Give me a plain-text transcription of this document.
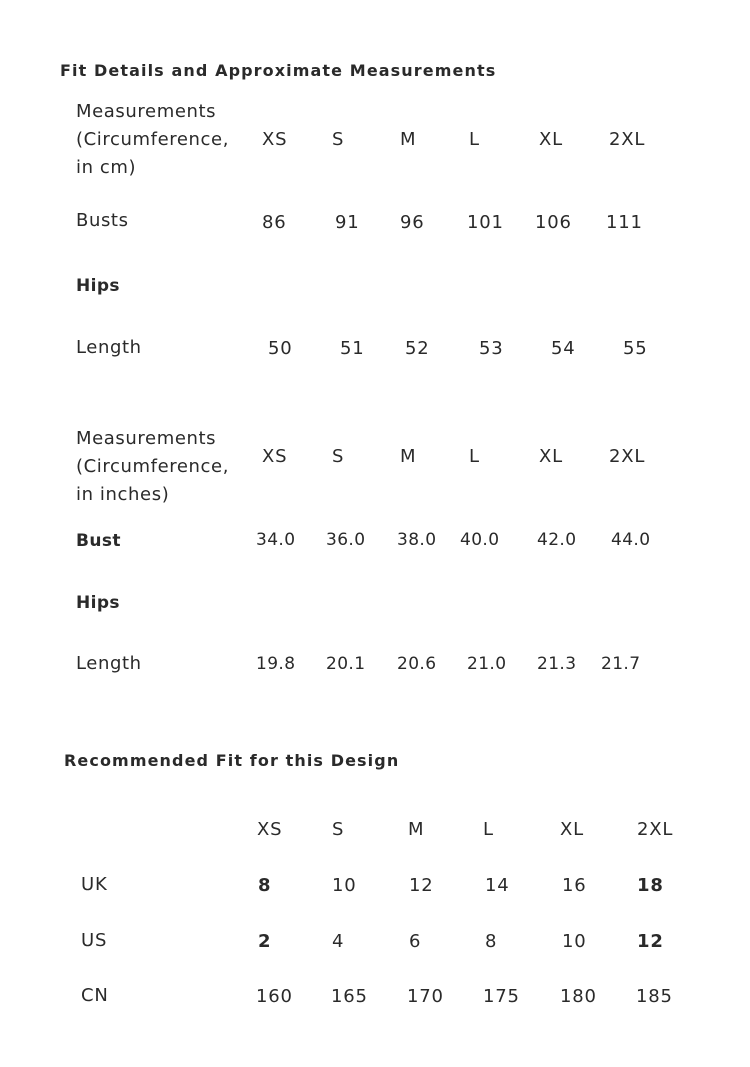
Fit Details and Approximate Measurements
Measurements
(Circumference,
in cm)
XS S	M	L	XL	2XL
Busts	86	91 96 101 106 111
Hips
Length	50	51 52	53	54	55
Measurements
(Circumference,
in inches)
XS S	M	L	XL	2XL
Bust	34.0 36.0 38.0 40.0 42.0 44.0
Hips
Length	19.8 20.1 20.6 21.0 21.3 21.7
Recommended Fit for this Design
XS	S	M	L	XL	2XL
UK	8	10	12	14	16	18
US	2	4	6	8	10	12
CN	160 165 170 175 180 185
